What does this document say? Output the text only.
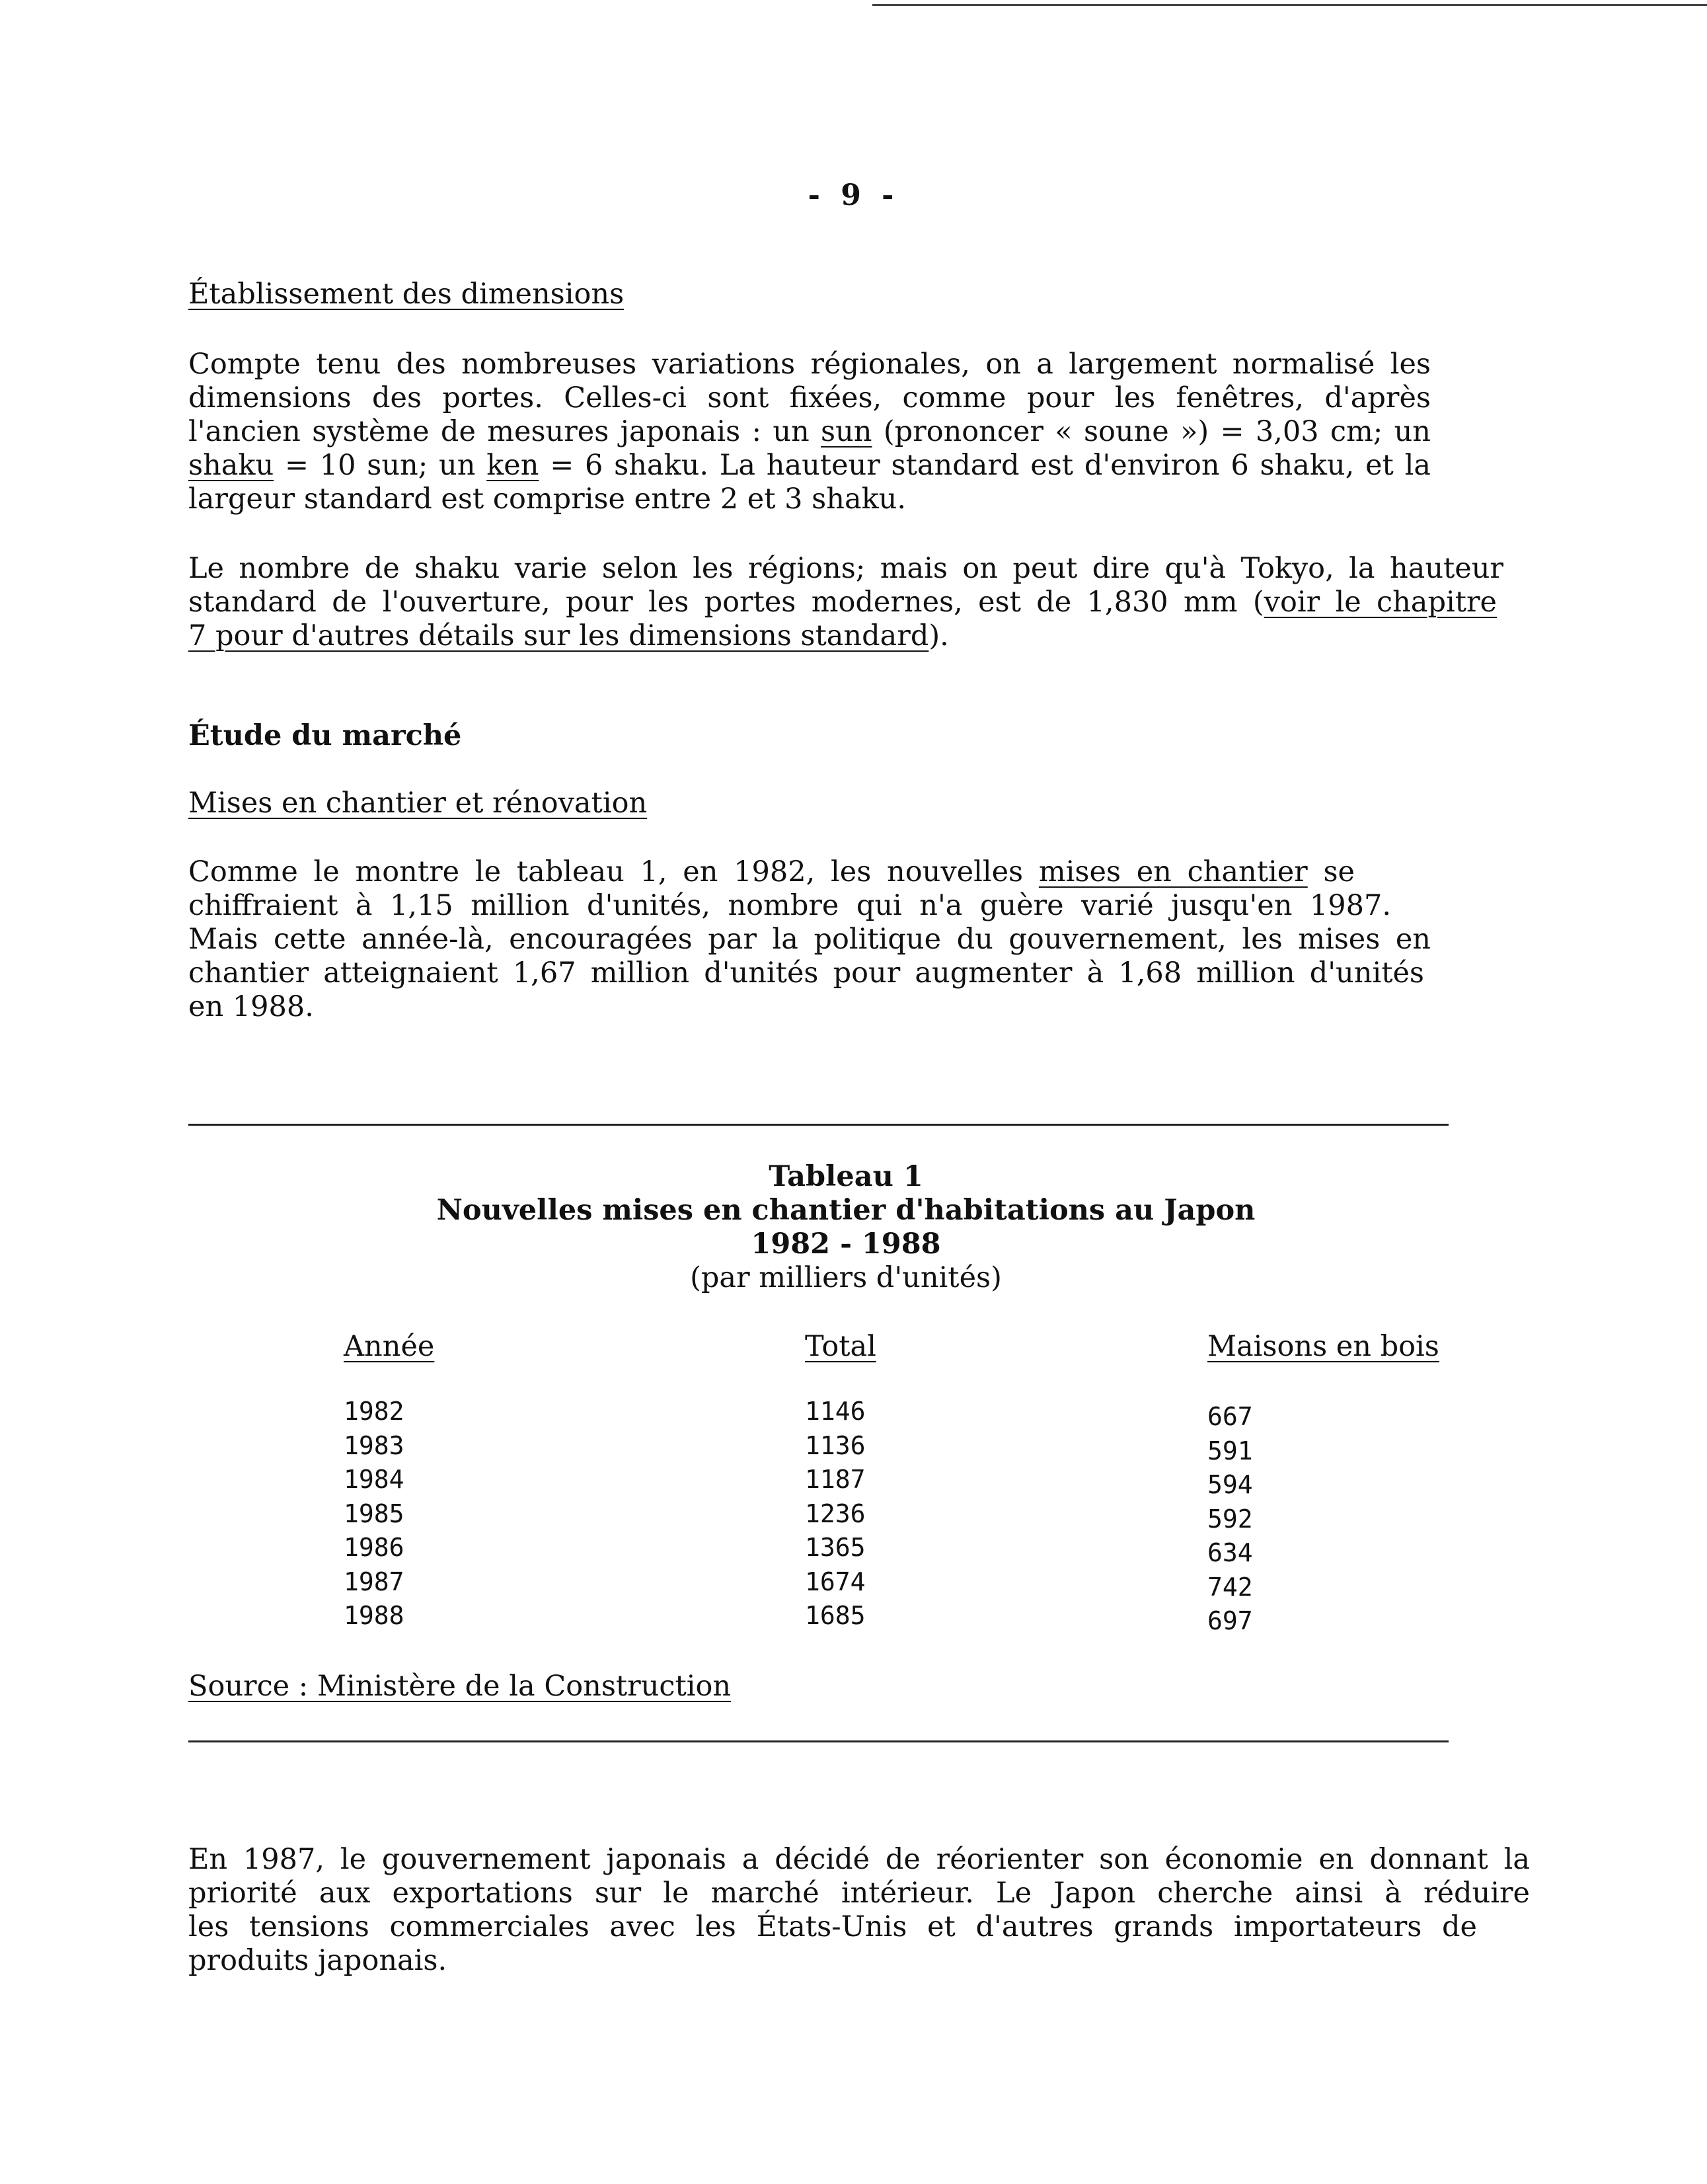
- 9 -
Établissement des dimensions
Compte tenu des nombreuses variations régionales, on a largement normalisé les
dimensions des portes. Celles-ci sont fixées, comme pour les fenêtres, d'après
l'ancien système de mesures japonais : un sun (prononcer « soune ») = 3,03 cm; un
shaku = 10 sun; un ken = 6 shaku. La hauteur standard est d'environ 6 shaku, et la
largeur standard est comprise entre 2 et 3 shaku.
Le nombre de shaku varie selon les régions; mais on peut dire qu'à Tokyo, la hauteur
standard de l'ouverture, pour les portes modernes, est de 1,830 mm (voir le chapitre
7 pour d'autres détails sur les dimensions standard).
Étude du marché
Mises en chantier et rénovation
Comme le montre le tableau 1, en 1982, les nouvelles mises en chantier se
chiffraient à 1,15 million d'unités, nombre qui n'a guère varié jusqu'en 1987.
Mais cette année-là, encouragées par la politique du gouvernement, les mises en
chantier atteignaient 1,67 million d'unités pour augmenter à 1,68 million d'unités
en 1988.
Tableau 1
Nouvelles mises en chantier d'habitations au Japon
1982 - 1988
(par milliers d'unités)
Année	Total	Maisons en bois
1982
1983
1984
1985
1986
1987
1988
1146
1136
1187
1236
1365
1674
1685
667
591
594
592
634
742
697
Source : Ministère de la Construction
En 1987, le gouvernement japonais a décidé de réorienter son économie en donnant la
priorité aux exportations sur le marché intérieur. Le Japon cherche ainsi à réduire
les tensions commerciales avec les États-Unis et d'autres grands importateurs de
produits japonais.
